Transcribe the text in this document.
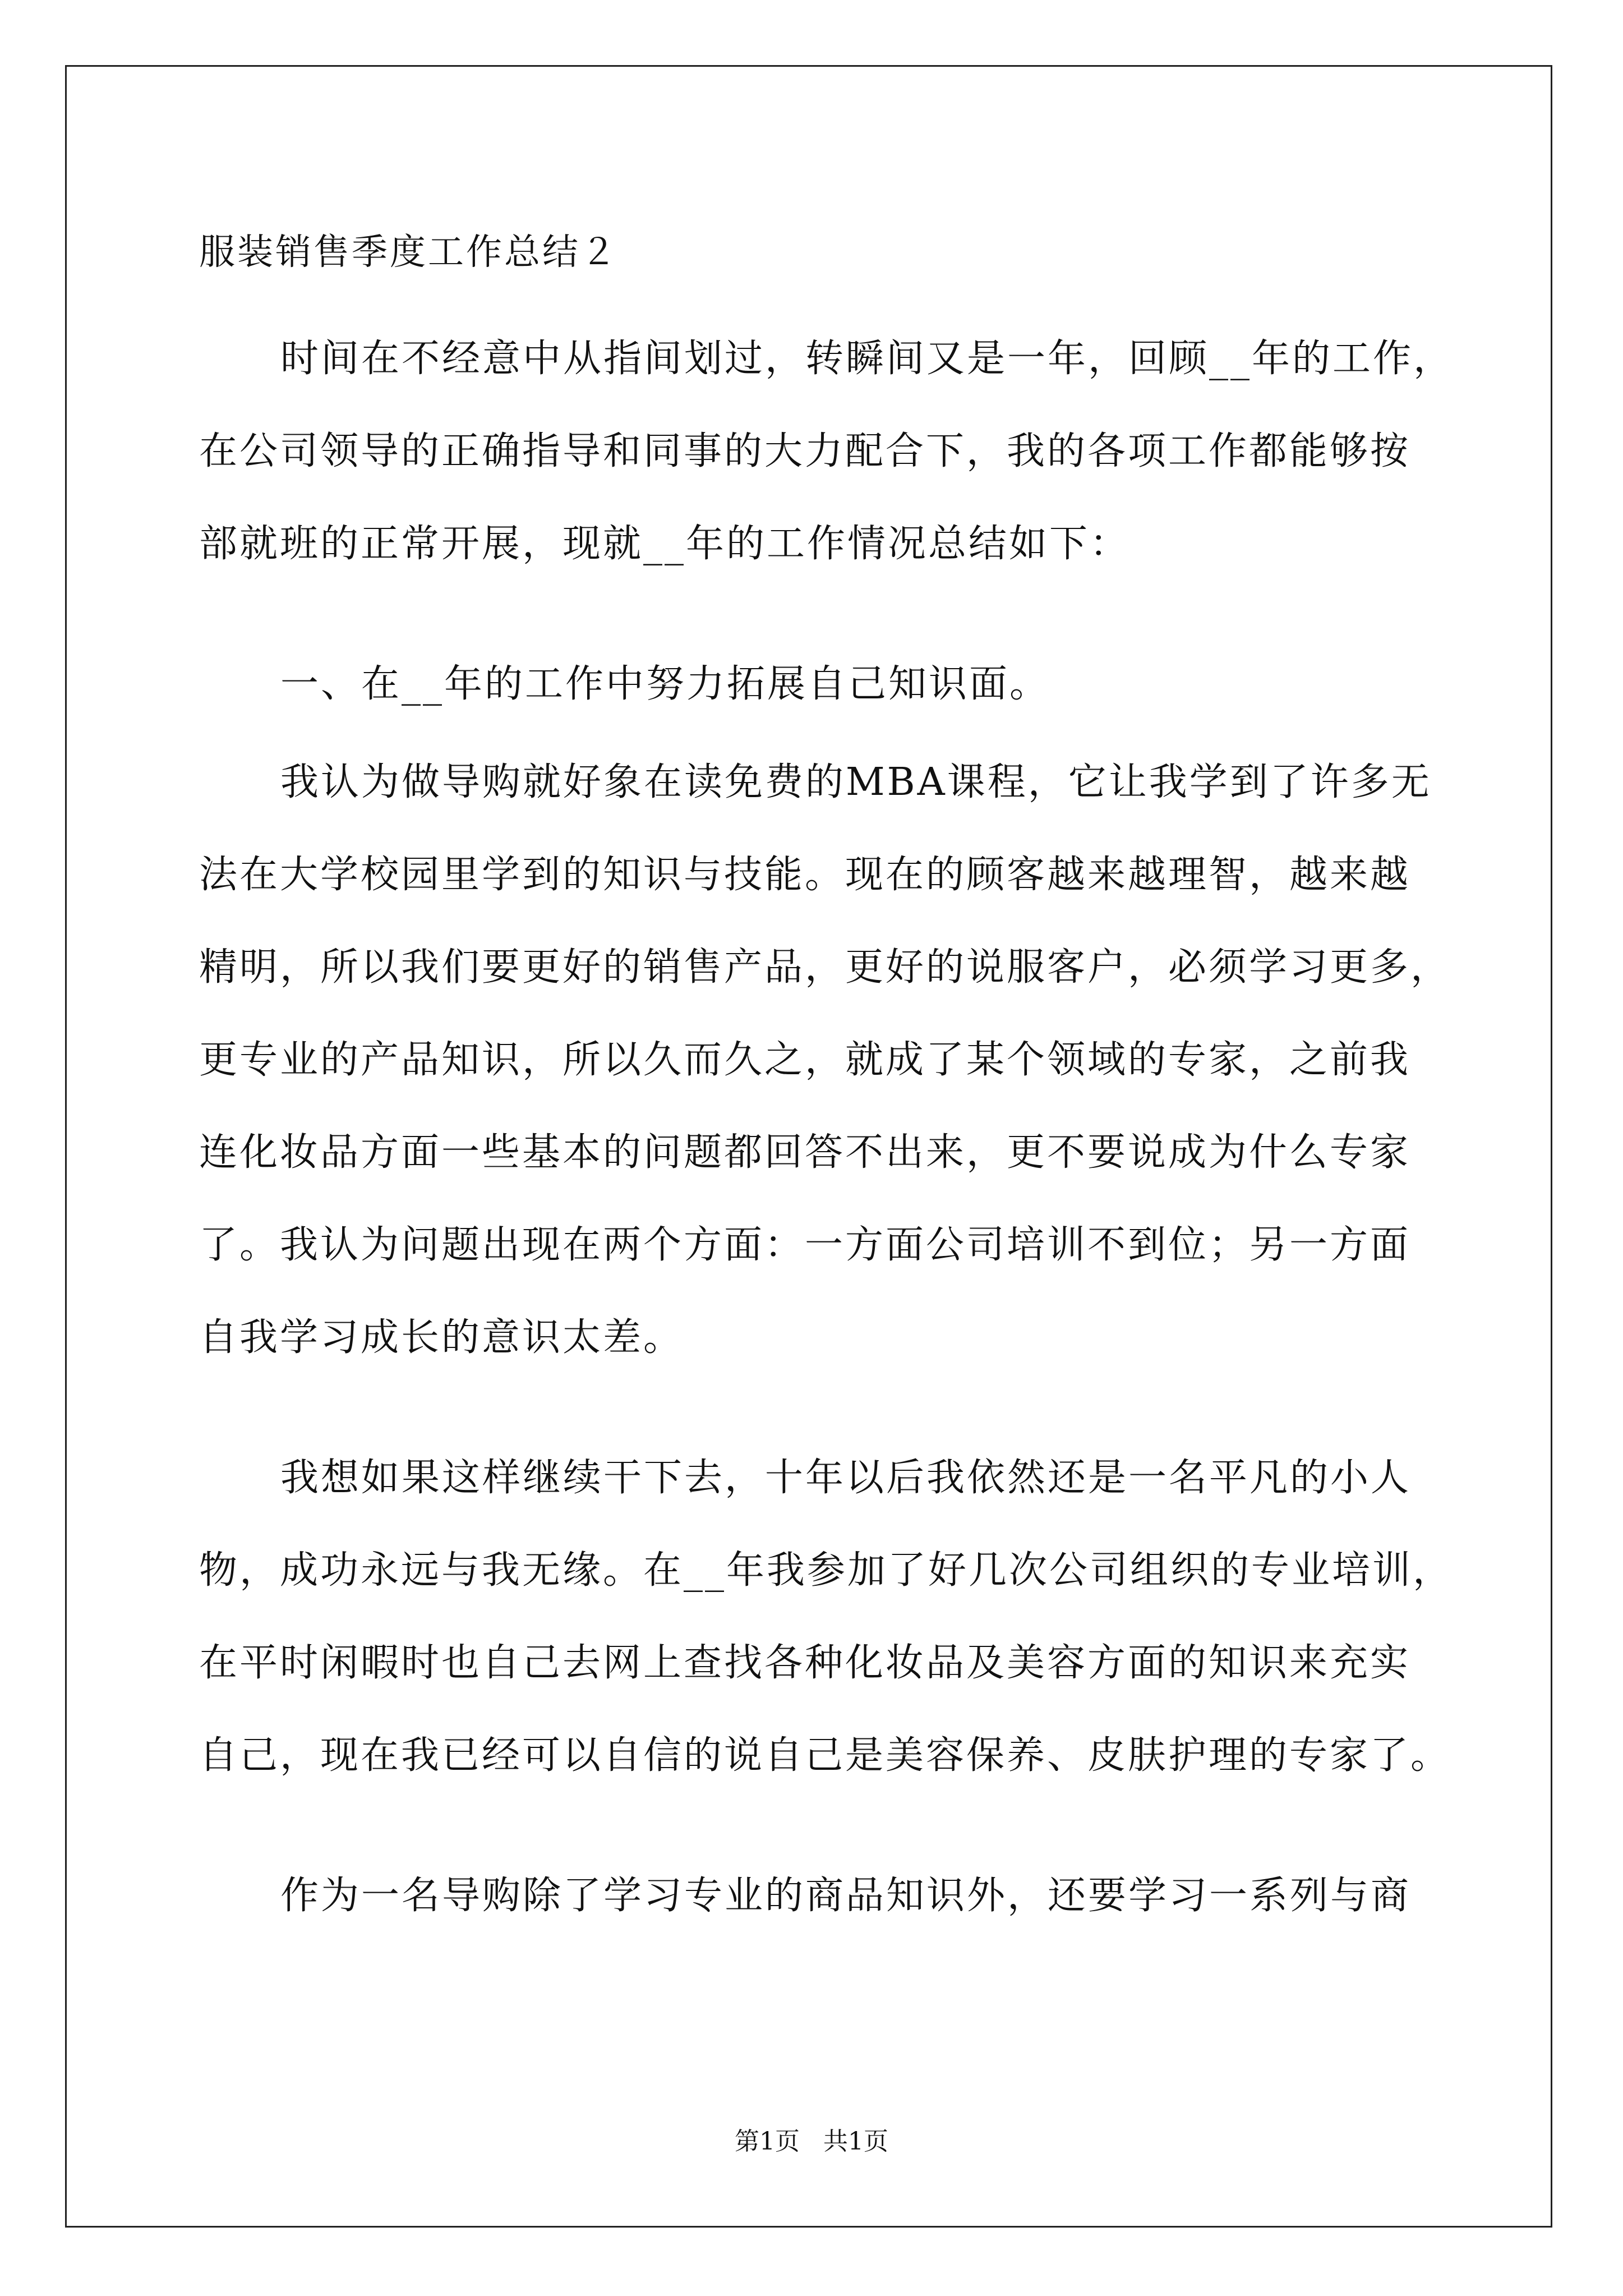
服装销售季度工作总结２
时间在不经意中从指间划过，转瞬间又是一年，回顾__年的工作，
在公司领导的正确指导和同事的大力配合下，我的各项工作都能够按
部就班的正常开展，现就__年的工作情况总结如下：
一、在__年的工作中努力拓展自己知识面。
我认为做导购就好象在读免费的MBA课程，它让我学到了许多无
法在大学校园里学到的知识与技能。现在的顾客越来越理智，越来越
精明，所以我们要更好的销售产品，更好的说服客户，必须学习更多，
更专业的产品知识，所以久而久之，就成了某个领域的专家，之前我
连化妆品方面一些基本的问题都回答不出来，更不要说成为什么专家
了。我认为问题出现在两个方面：一方面公司培训不到位；另一方面
自我学习成长的意识太差。
我想如果这样继续干下去，十年以后我依然还是一名平凡的小人
物，成功永远与我无缘。在__年我参加了好几次公司组织的专业培训，
在平时闲暇时也自己去网上查找各种化妆品及美容方面的知识来充实
自己，现在我已经可以自信的说自己是美容保养、皮肤护理的专家了。
作为一名导购除了学习专业的商品知识外，还要学习一系列与商
第1页 共1页
